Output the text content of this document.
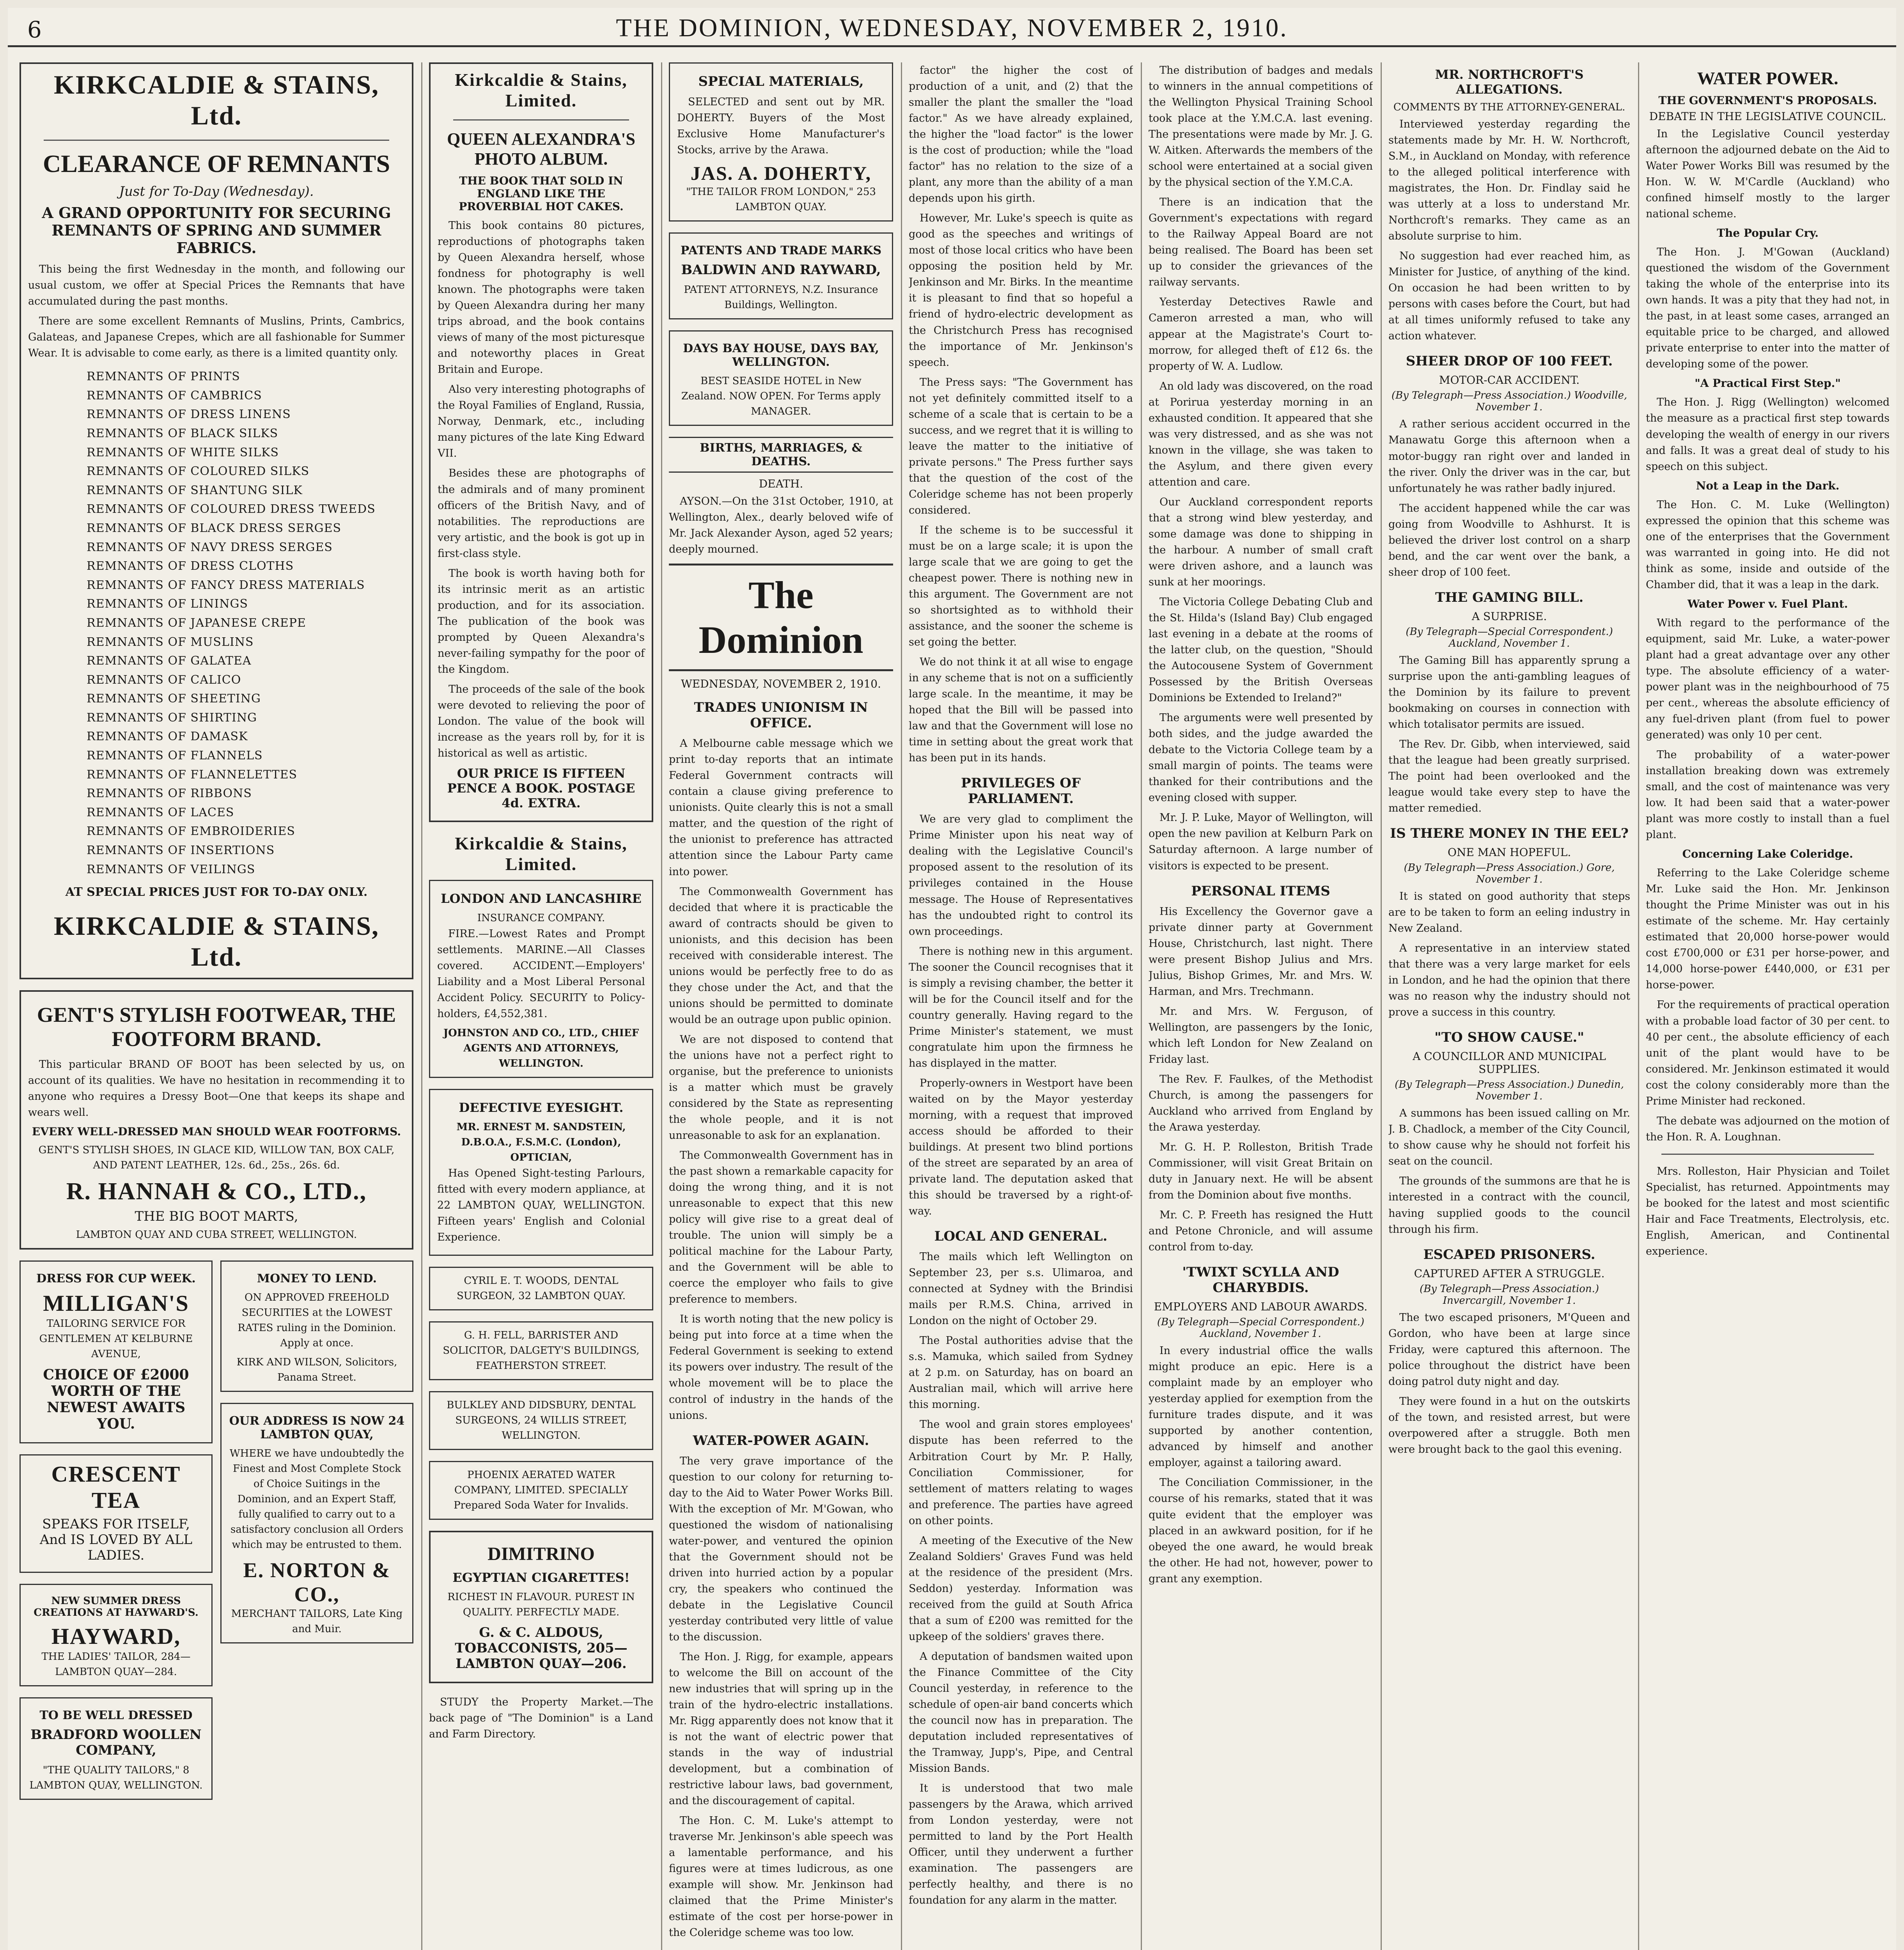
6	THE DOMINION, WEDNESDAY, NOVEMBER 2, 1910.
KIRKCALDIE & STAINS, Ltd.
CLEARANCE OF REMNANTS
Just for To-Day (Wednesday).
A GRAND OPPORTUNITY FOR SECURING REMNANTS OF SPRING AND SUMMER FABRICS.

This being the first Wednesday in the month, and following our usual custom, we offer at Special Prices the Remnants that have accumulated during the past months.

There are some excellent Remnants of Muslins, Prints, Cambrics, Galateas, and Japanese Crepes, which are all fashionable for Summer Wear. It is advisable to come early, as there is a limited quantity only.

REMNANTS OF PRINTS
REMNANTS OF CAMBRICS
REMNANTS OF DRESS LINENS
REMNANTS OF BLACK SILKS
REMNANTS OF WHITE SILKS
REMNANTS OF COLOURED SILKS
REMNANTS OF SHANTUNG SILK
REMNANTS OF COLOURED DRESS TWEEDS
REMNANTS OF BLACK DRESS SERGES
REMNANTS OF NAVY DRESS SERGES
REMNANTS OF DRESS CLOTHS
REMNANTS OF FANCY DRESS MATERIALS
REMNANTS OF LININGS
REMNANTS OF JAPANESE CREPE
REMNANTS OF MUSLINS
REMNANTS OF GALATEA
REMNANTS OF CALICO
REMNANTS OF SHEETING
REMNANTS OF SHIRTING
REMNANTS OF DAMASK
REMNANTS OF FLANNELS
REMNANTS OF FLANNELETTES
REMNANTS OF RIBBONS
REMNANTS OF LACES
REMNANTS OF EMBROIDERIES
REMNANTS OF INSERTIONS
REMNANTS OF VEILINGS
AT SPECIAL PRICES JUST FOR TO-DAY ONLY.
KIRKCALDIE & STAINS, Ltd.
GENT'S STYLISH FOOTWEAR, THE FOOTFORM BRAND.

This particular BRAND OF BOOT has been selected by us, on account of its qualities. We have no hesitation in recommending it to anyone who requires a Dressy Boot—One that keeps its shape and wears well.

EVERY WELL-DRESSED MAN SHOULD WEAR FOOTFORMS.
GENT'S STYLISH SHOES, IN GLACE KID, WILLOW TAN, BOX CALF, AND PATENT LEATHER, 12s. 6d., 25s., 26s. 6d.
R. HANNAH & CO., LTD.,
THE BIG BOOT MARTS,
LAMBTON QUAY AND CUBA STREET, WELLINGTON.
DRESS FOR CUP WEEK.
MILLIGAN'S
TAILORING SERVICE FOR GENTLEMEN AT KELBURNE AVENUE,
CHOICE OF £2000 WORTH OF THE NEWEST AWAITS YOU.
CRESCENT TEA
SPEAKS FOR ITSELF, And IS LOVED BY ALL LADIES.
NEW SUMMER DRESS CREATIONS AT HAYWARD'S.
HAYWARD,
THE LADIES' TAILOR, 284—LAMBTON QUAY—284.
TO BE WELL DRESSED
BRADFORD WOOLLEN COMPANY,
"THE QUALITY TAILORS," 8 LAMBTON QUAY, WELLINGTON.
MONEY TO LEND.
ON APPROVED FREEHOLD SECURITIES at the LOWEST RATES ruling in the Dominion. Apply at once.
KIRK AND WILSON, Solicitors, Panama Street.
OUR ADDRESS IS NOW 24 LAMBTON QUAY,
WHERE we have undoubtedly the Finest and Most Complete Stock of Choice Suitings in the Dominion, and an Expert Staff, fully qualified to carry out to a satisfactory conclusion all Orders which may be entrusted to them.
E. NORTON & CO.,
MERCHANT TAILORS, Late King and Muir.
Kirkcaldie & Stains, Limited.
QUEEN ALEXANDRA'S PHOTO ALBUM.
THE BOOK THAT SOLD IN ENGLAND LIKE THE PROVERBIAL HOT CAKES.

This book contains 80 pictures, reproductions of photographs taken by Queen Alexandra herself, whose fondness for photography is well known. The photographs were taken by Queen Alexandra during her many trips abroad, and the book contains views of many of the most picturesque and noteworthy places in Great Britain and Europe.

Also very interesting photographs of the Royal Families of England, Russia, Norway, Denmark, etc., including many pictures of the late King Edward VII.

Besides these are photographs of the admirals and of many prominent officers of the British Navy, and of notabilities. The reproductions are very artistic, and the book is got up in first-class style.

The book is worth having both for its intrinsic merit as an artistic production, and for its association. The publication of the book was prompted by Queen Alexandra's never-failing sympathy for the poor of the Kingdom.

The proceeds of the sale of the book were devoted to relieving the poor of London. The value of the book will increase as the years roll by, for it is historical as well as artistic.

OUR PRICE IS FIFTEEN PENCE A BOOK. POSTAGE 4d. EXTRA.
Kirkcaldie & Stains, Limited.
LONDON AND LANCASHIRE
INSURANCE COMPANY.

FIRE.—Lowest Rates and Prompt settlements. MARINE.—All Classes covered. ACCIDENT.—Employers' Liability and a Most Liberal Personal Accident Policy. SECURITY to Policy-holders, £4,552,381.

JOHNSTON AND CO., LTD., CHIEF AGENTS AND ATTORNEYS, WELLINGTON.
DEFECTIVE EYESIGHT.
MR. ERNEST M. SANDSTEIN, D.B.O.A., F.S.M.C. (London), OPTICIAN,

Has Opened Sight-testing Parlours, fitted with every modern appliance, at 22 LAMBTON QUAY, WELLINGTON. Fifteen years' English and Colonial Experience.

CYRIL E. T. WOODS, DENTAL SURGEON, 32 LAMBTON QUAY.
G. H. FELL, BARRISTER AND SOLICITOR, DALGETY'S BUILDINGS, FEATHERSTON STREET.
BULKLEY AND DIDSBURY, DENTAL SURGEONS, 24 WILLIS STREET, WELLINGTON.
PHOENIX AERATED WATER COMPANY, LIMITED. SPECIALLY Prepared Soda Water for Invalids.
DIMITRINO
EGYPTIAN CIGARETTES!
RICHEST IN FLAVOUR. PUREST IN QUALITY. PERFECTLY MADE.
G. & C. ALDOUS, TOBACCONISTS, 205—LAMBTON QUAY—206.

STUDY the Property Market.—The back page of "The Dominion" is a Land and Farm Directory.

SPECIAL MATERIALS,

SELECTED and sent out by MR. DOHERTY. Buyers of the Most Exclusive Home Manufacturer's Stocks, arrive by the Arawa.

JAS. A. DOHERTY,
"THE TAILOR FROM LONDON," 253 LAMBTON QUAY.
PATENTS AND TRADE MARKS
BALDWIN AND RAYWARD,
PATENT ATTORNEYS, N.Z. Insurance Buildings, Wellington.
DAYS BAY HOUSE, DAYS BAY, WELLINGTON.
BEST SEASIDE HOTEL in New Zealand. NOW OPEN. For Terms apply MANAGER.
BIRTHS, MARRIAGES, & DEATHS.
DEATH.

AYSON.—On the 31st October, 1910, at Wellington, Alex., dearly beloved wife of Mr. Jack Alexander Ayson, aged 52 years; deeply mourned.

The Dominion
WEDNESDAY, NOVEMBER 2, 1910.
TRADES UNIONISM IN OFFICE.

A Melbourne cable message which we print to-day reports that an intimate Federal Government contracts will contain a clause giving preference to unionists. Quite clearly this is not a small matter, and the question of the right of the unionist to preference has attracted attention since the Labour Party came into power.

The Commonwealth Government has decided that where it is practicable the award of contracts should be given to unionists, and this decision has been received with considerable interest. The unions would be perfectly free to do as they chose under the Act, and that the unions should be permitted to dominate would be an outrage upon public opinion.

We are not disposed to contend that the unions have not a perfect right to organise, but the preference to unionists is a matter which must be gravely considered by the State as representing the whole people, and it is not unreasonable to ask for an explanation.

The Commonwealth Government has in the past shown a remarkable capacity for doing the wrong thing, and it is not unreasonable to expect that this new policy will give rise to a great deal of trouble. The union will simply be a political machine for the Labour Party, and the Government will be able to coerce the employer who fails to give preference to members.

It is worth noting that the new policy is being put into force at a time when the Federal Government is seeking to extend its powers over industry. The result of the whole movement will be to place the control of industry in the hands of the unions.

WATER-POWER AGAIN.

The very grave importance of the question to our colony for returning to-day to the Aid to Water Power Works Bill. With the exception of Mr. M'Gowan, who questioned the wisdom of nationalising water-power, and ventured the opinion that the Government should not be driven into hurried action by a popular cry, the speakers who continued the debate in the Legislative Council yesterday contributed very little of value to the discussion.

The Hon. J. Rigg, for example, appears to welcome the Bill on account of the new industries that will spring up in the train of the hydro-electric installations. Mr. Rigg apparently does not know that it is not the want of electric power that stands in the way of industrial development, but a combination of restrictive labour laws, bad government, and the discouragement of capital.

The Hon. C. M. Luke's attempt to traverse Mr. Jenkinson's able speech was a lamentable performance, and his figures were at times ludicrous, as one example will show. Mr. Jenkinson had claimed that the Prime Minister's estimate of the cost per horse-power in the Coleridge scheme was too low.

factor" the higher the cost of production of a unit, and (2) that the smaller the plant the smaller the "load factor." As we have already explained, the higher the "load factor" is the lower is the cost of production; while the "load factor" has no relation to the size of a plant, any more than the ability of a man depends upon his girth.

However, Mr. Luke's speech is quite as good as the speeches and writings of most of those local critics who have been opposing the position held by Mr. Jenkinson and Mr. Birks. In the meantime it is pleasant to find that so hopeful a friend of hydro-electric development as the Christchurch Press has recognised the importance of Mr. Jenkinson's speech.

The Press says: "The Government has not yet definitely committed itself to a scheme of a scale that is certain to be a success, and we regret that it is willing to leave the matter to the initiative of private persons." The Press further says that the question of the cost of the Coleridge scheme has not been properly considered.

If the scheme is to be successful it must be on a large scale; it is upon the large scale that we are going to get the cheapest power. There is nothing new in this argument. The Government are not so shortsighted as to withhold their assistance, and the sooner the scheme is set going the better.

We do not think it at all wise to engage in any scheme that is not on a sufficiently large scale. In the meantime, it may be hoped that the Bill will be passed into law and that the Government will lose no time in setting about the great work that has been put in its hands.

PRIVILEGES OF PARLIAMENT.

We are very glad to compliment the Prime Minister upon his neat way of dealing with the Legislative Council's proposed assent to the resolution of its privileges contained in the House message. The House of Representatives has the undoubted right to control its own proceedings.

There is nothing new in this argument. The sooner the Council recognises that it is simply a revising chamber, the better it will be for the Council itself and for the country generally. Having regard to the Prime Minister's statement, we must congratulate him upon the firmness he has displayed in the matter.

Properly-owners in Westport have been waited on by the Mayor yesterday morning, with a request that improved access should be afforded to their buildings. At present two blind portions of the street are separated by an area of private land. The deputation asked that this should be traversed by a right-of-way.

LOCAL AND GENERAL.

The mails which left Wellington on September 23, per s.s. Ulimaroa, and connected at Sydney with the Brindisi mails per R.M.S. China, arrived in London on the night of October 29.

The Postal authorities advise that the s.s. Mamuka, which sailed from Sydney at 2 p.m. on Saturday, has on board an Australian mail, which will arrive here this morning.

The wool and grain stores employees' dispute has been referred to the Arbitration Court by Mr. P. Hally, Conciliation Commissioner, for settlement of matters relating to wages and preference. The parties have agreed on other points.

A meeting of the Executive of the New Zealand Soldiers' Graves Fund was held at the residence of the president (Mrs. Seddon) yesterday. Information was received from the guild at South Africa that a sum of £200 was remitted for the upkeep of the soldiers' graves there.

A deputation of bandsmen waited upon the Finance Committee of the City Council yesterday, in reference to the schedule of open-air band concerts which the council now has in preparation. The deputation included representatives of the Tramway, Jupp's, Pipe, and Central Mission Bands.

It is understood that two male passengers by the Arawa, which arrived from London yesterday, were not permitted to land by the Port Health Officer, until they underwent a further examination. The passengers are perfectly healthy, and there is no foundation for any alarm in the matter.

The distribution of badges and medals to winners in the annual competitions of the Wellington Physical Training School took place at the Y.M.C.A. last evening. The presentations were made by Mr. J. G. W. Aitken. Afterwards the members of the school were entertained at a social given by the physical section of the Y.M.C.A.

There is an indication that the Government's expectations with regard to the Railway Appeal Board are not being realised. The Board has been set up to consider the grievances of the railway servants.

Yesterday Detectives Rawle and Cameron arrested a man, who will appear at the Magistrate's Court to-morrow, for alleged theft of £12 6s. the property of W. A. Ludlow.

An old lady was discovered, on the road at Porirua yesterday morning in an exhausted condition. It appeared that she was very distressed, and as she was not known in the village, she was taken to the Asylum, and there given every attention and care.

Our Auckland correspondent reports that a strong wind blew yesterday, and some damage was done to shipping in the harbour. A number of small craft were driven ashore, and a launch was sunk at her moorings.

The Victoria College Debating Club and the St. Hilda's (Island Bay) Club engaged last evening in a debate at the rooms of the latter club, on the question, "Should the Autocousene System of Government Possessed by the British Overseas Dominions be Extended to Ireland?"

The arguments were well presented by both sides, and the judge awarded the debate to the Victoria College team by a small margin of points. The teams were thanked for their contributions and the evening closed with supper.

Mr. J. P. Luke, Mayor of Wellington, will open the new pavilion at Kelburn Park on Saturday afternoon. A large number of visitors is expected to be present.

PERSONAL ITEMS

His Excellency the Governor gave a private dinner party at Government House, Christchurch, last night. There were present Bishop Julius and Mrs. Julius, Bishop Grimes, Mr. and Mrs. W. Harman, and Mrs. Trechmann.

Mr. and Mrs. W. Ferguson, of Wellington, are passengers by the Ionic, which left London for New Zealand on Friday last.

The Rev. F. Faulkes, of the Methodist Church, is among the passengers for Auckland who arrived from England by the Arawa yesterday.

Mr. G. H. P. Rolleston, British Trade Commissioner, will visit Great Britain on duty in January next. He will be absent from the Dominion about five months.

Mr. C. P. Freeth has resigned the Hutt and Petone Chronicle, and will assume control from to-day.

'TWIXT SCYLLA AND CHARYBDIS.
EMPLOYERS AND LABOUR AWARDS.
(By Telegraph—Special Correspondent.) Auckland, November 1.

In every industrial office the walls might produce an epic. Here is a complaint made by an employer who yesterday applied for exemption from the furniture trades dispute, and it was supported by another contention, advanced by himself and another employer, against a tailoring award.

The Conciliation Commissioner, in the course of his remarks, stated that it was quite evident that the employer was placed in an awkward position, for if he obeyed the one award, he would break the other. He had not, however, power to grant any exemption.

MR. NORTHCROFT'S ALLEGATIONS.
COMMENTS BY THE ATTORNEY-GENERAL.

Interviewed yesterday regarding the statements made by Mr. H. W. Northcroft, S.M., in Auckland on Monday, with reference to the alleged political interference with magistrates, the Hon. Dr. Findlay said he was utterly at a loss to understand Mr. Northcroft's remarks. They came as an absolute surprise to him.

No suggestion had ever reached him, as Minister for Justice, of anything of the kind. On occasion he had been written to by persons with cases before the Court, but had at all times uniformly refused to take any action whatever.

SHEER DROP OF 100 FEET.
MOTOR-CAR ACCIDENT.
(By Telegraph—Press Association.) Woodville, November 1.

A rather serious accident occurred in the Manawatu Gorge this afternoon when a motor-buggy ran right over and landed in the river. Only the driver was in the car, but unfortunately he was rather badly injured.

The accident happened while the car was going from Woodville to Ashhurst. It is believed the driver lost control on a sharp bend, and the car went over the bank, a sheer drop of 100 feet.

THE GAMING BILL.
A SURPRISE.
(By Telegraph—Special Correspondent.) Auckland, November 1.

The Gaming Bill has apparently sprung a surprise upon the anti-gambling leagues of the Dominion by its failure to prevent bookmaking on courses in connection with which totalisator permits are issued.

The Rev. Dr. Gibb, when interviewed, said that the league had been greatly surprised. The point had been overlooked and the league would take every step to have the matter remedied.

IS THERE MONEY IN THE EEL?
ONE MAN HOPEFUL.
(By Telegraph—Press Association.) Gore, November 1.

It is stated on good authority that steps are to be taken to form an eeling industry in New Zealand.

A representative in an interview stated that there was a very large market for eels in London, and he had the opinion that there was no reason why the industry should not prove a success in this country.

"TO SHOW CAUSE."
A COUNCILLOR AND MUNICIPAL SUPPLIES.
(By Telegraph—Press Association.) Dunedin, November 1.

A summons has been issued calling on Mr. J. B. Chadlock, a member of the City Council, to show cause why he should not forfeit his seat on the council.

The grounds of the summons are that he is interested in a contract with the council, having supplied goods to the council through his firm.

ESCAPED PRISONERS.
CAPTURED AFTER A STRUGGLE.
(By Telegraph—Press Association.) Invercargill, November 1.

The two escaped prisoners, M'Queen and Gordon, who have been at large since Friday, were captured this afternoon. The police throughout the district have been doing patrol duty night and day.

They were found in a hut on the outskirts of the town, and resisted arrest, but were overpowered after a struggle. Both men were brought back to the gaol this evening.

WATER POWER.
THE GOVERNMENT'S PROPOSALS.
DEBATE IN THE LEGISLATIVE COUNCIL.

In the Legislative Council yesterday afternoon the adjourned debate on the Aid to Water Power Works Bill was resumed by the Hon. W. W. M'Cardle (Auckland) who confined himself mostly to the larger national scheme.

The Popular Cry.

The Hon. J. M'Gowan (Auckland) questioned the wisdom of the Government taking the whole of the enterprise into its own hands. It was a pity that they had not, in the past, in at least some cases, arranged an equitable price to be charged, and allowed private enterprise to enter into the matter of developing some of the power.

"A Practical First Step."

The Hon. J. Rigg (Wellington) welcomed the measure as a practical first step towards developing the wealth of energy in our rivers and falls. It was a great deal of study to his speech on this subject.

Not a Leap in the Dark.

The Hon. C. M. Luke (Wellington) expressed the opinion that this scheme was one of the enterprises that the Government was warranted in going into. He did not think as some, inside and outside of the Chamber did, that it was a leap in the dark.

Water Power v. Fuel Plant.

With regard to the performance of the equipment, said Mr. Luke, a water-power plant had a great advantage over any other type. The absolute efficiency of a water-power plant was in the neighbourhood of 75 per cent., whereas the absolute efficiency of any fuel-driven plant (from fuel to power generated) was only 10 per cent.

The probability of a water-power installation breaking down was extremely small, and the cost of maintenance was very low. It had been said that a water-power plant was more costly to install than a fuel plant.

Concerning Lake Coleridge.

Referring to the Lake Coleridge scheme Mr. Luke said the Hon. Mr. Jenkinson thought the Prime Minister was out in his estimate of the scheme. Mr. Hay certainly estimated that 20,000 horse-power would cost £700,000 or £31 per horse-power, and 14,000 horse-power £440,000, or £31 per horse-power.

For the requirements of practical operation with a probable load factor of 30 per cent. to 40 per cent., the absolute efficiency of each unit of the plant would have to be considered. Mr. Jenkinson estimated it would cost the colony considerably more than the Prime Minister had reckoned.

The debate was adjourned on the motion of the Hon. R. A. Loughnan.

Mrs. Rolleston, Hair Physician and Toilet Specialist, has returned. Appointments may be booked for the latest and most scientific Hair and Face Treatments, Electrolysis, etc. English, American, and Continental experience.
